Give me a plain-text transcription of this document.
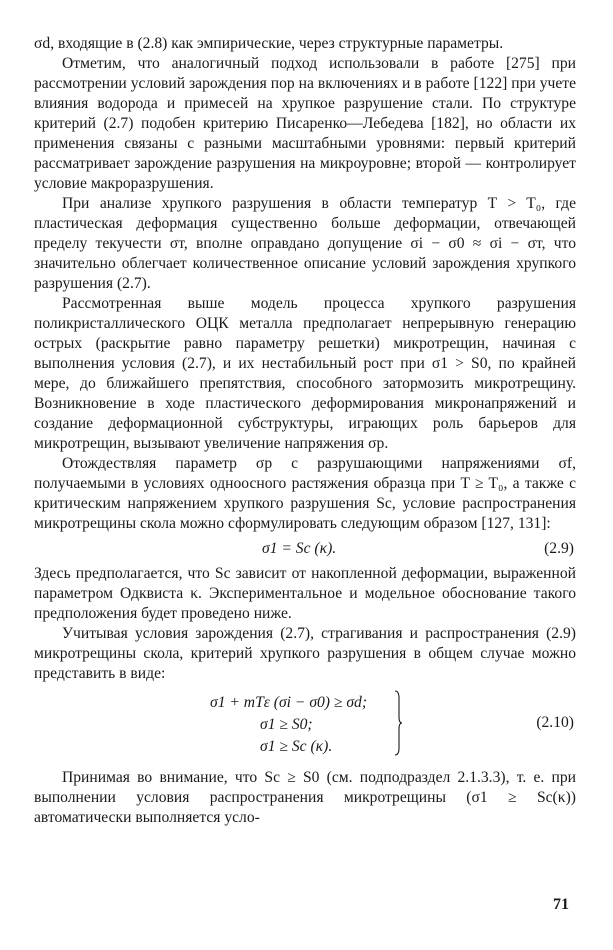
σd, входящие в (2.8) как эмпирические, через структурные параметры.

Отметим, что аналогичный подход использовали в работе [275] при рассмотрении условий зарождения пор на включениях и в работе [122] при учете влияния водорода и примесей на хрупкое разрушение стали. По структуре критерий (2.7) подобен критерию Писаренко—Лебедева [182], но области их применения связаны с разными масштабными уровнями: первый критерий рассматривает зарождение разрушения на микроуровне; второй — контролирует условие макроразрушения.

При анализе хрупкого разрушения в области температур T > T₀, где пластическая деформация существенно больше деформации, отвечающей пределу текучести σт, вполне оправдано допущение σi − σ0 ≈ σi − σт, что значительно облегчает количественное описание условий зарождения хрупкого разрушения (2.7).

Рассмотренная выше модель процесса хрупкого разрушения поликристаллического ОЦК металла предполагает непрерывную генерацию острых (раскрытие равно параметру решетки) микротрещин, начиная с выполнения условия (2.7), и их нестабильный рост при σ1 > S0, по крайней мере, до ближайшего препятствия, способного затормозить микротрещину. Возникновение в ходе пластического деформирования микронапряжений и создание деформационной субструктуры, играющих роль барьеров для микротрещин, вызывают увеличение напряжения σp.

Отождествляя параметр σp с разрушающими напряжениями σf, получаемыми в условиях одноосного растяжения образца при T ≥ T₀, а также с критическим напряжением хрупкого разрушения Sc, условие распространения микротрещины скола можно сформулировать следующим образом [127, 131]:

σ1 = Sc (κ).	(2.9)

Здесь предполагается, что Sc зависит от накопленной деформации, выраженной параметром Одквиста κ. Экспериментальное и модельное обоснование такого предположения будет проведено ниже.

Учитывая условия зарождения (2.7), страгивания и распространения (2.9) микротрещины скола, критерий хрупкого разрушения в общем случае можно представить в виде:

σ1 + mTε (σi − σ0) ≥ σd;
σ1 ≥ S0;
σ1 ≥ Sc (κ).
(2.10)

Принимая во внимание, что Sc ≥ S0 (см. подподраздел 2.1.3.3), т. е. при выполнении условия распространения микротрещины (σ1 ≥ Sc(κ)) автоматически выполняется усло-

71
